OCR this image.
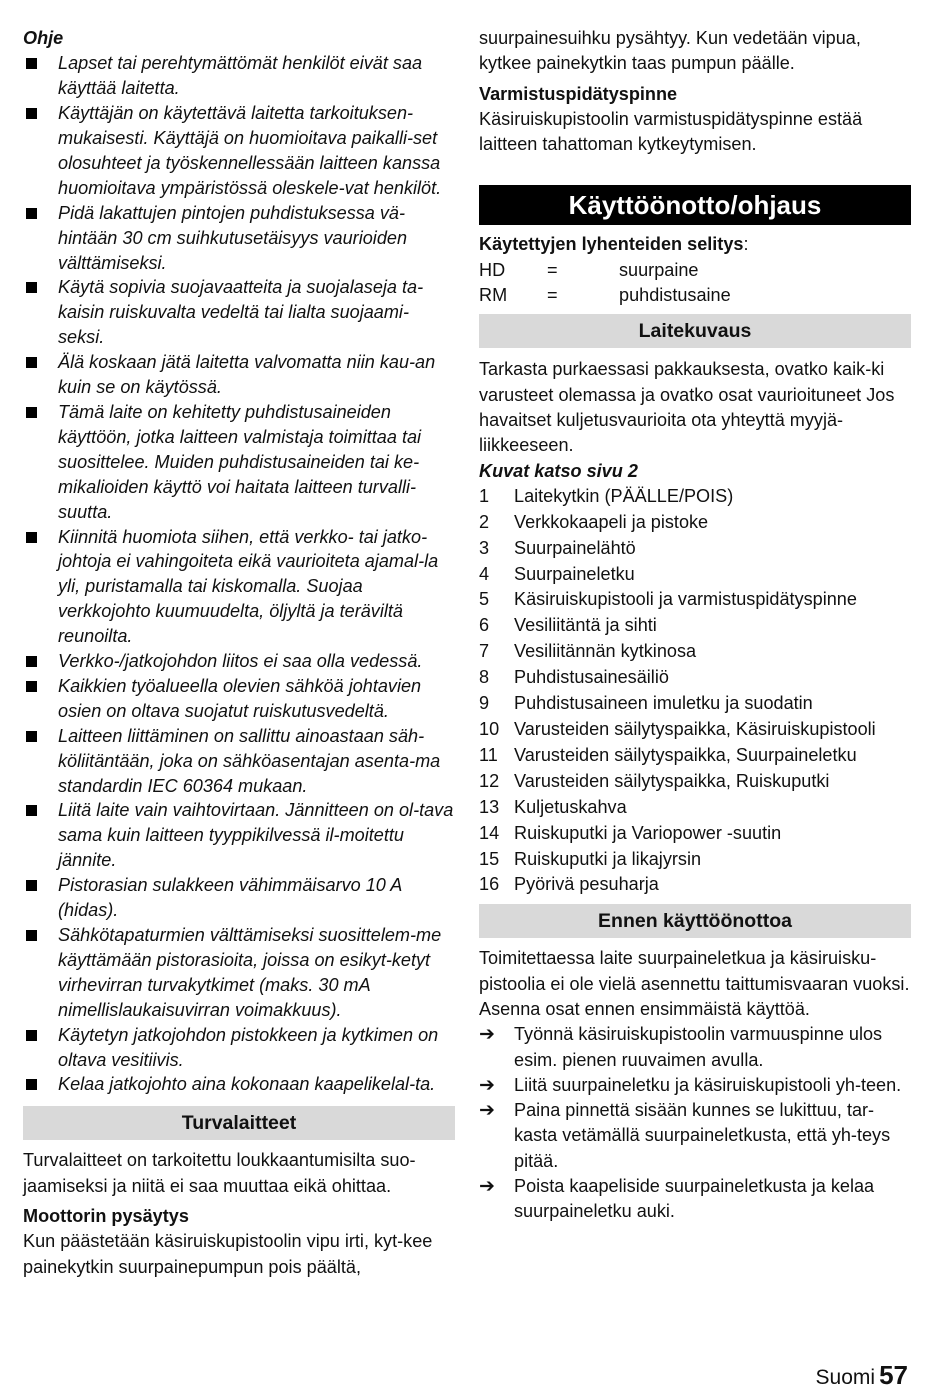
Ohje

Lapset tai perehtymättömät henkilöt eivät saa käyttää laitetta.
Käyttäjän on käytettävä laitetta tarkoituksen-mukaisesti. Käyttäjä on huomioitava paikalli-set olosuhteet ja työskennellessään laitteen kanssa huomioitava ympäristössä oleskele-vat henkilöt.
Pidä lakattujen pintojen puhdistuksessa vä-hintään 30 cm suihkutusetäisyys vaurioiden välttämiseksi.
Käytä sopivia suojavaatteita ja suojalaseja ta-kaisin ruiskuvalta vedeltä tai lialta suojaami-seksi.
Älä koskaan jätä laitetta valvomatta niin kau-an kuin se on käytössä.
Tämä laite on kehitetty puhdistusaineiden käyttöön, jotka laitteen valmistaja toimittaa tai suosittelee. Muiden puhdistusaineiden tai ke-mikalioiden käyttö voi haitata laitteen turvalli-suutta.
Kiinnitä huomiota siihen, että verkko- tai jatko-johtoja ei vahingoiteta eikä vaurioiteta ajamal-la yli, puristamalla tai kiskomalla. Suojaa verkkojohto kuumuudelta, öljyltä ja teräviltä reunoilta.
Verkko-/jatkojohdon liitos ei saa olla vedessä.
Kaikkien työalueella olevien sähköä johtavien osien on oltava suojatut ruiskutusvedeltä.
Laitteen liittäminen on sallittu ainoastaan säh-köliitäntään, joka on sähköasentajan asenta-ma standardin IEC 60364 mukaan.
Liitä laite vain vaihtovirtaan. Jännitteen on ol-tava sama kuin laitteen tyyppikilvessä il-moitettu jännite.
Pistorasian sulakkeen vähimmäisarvo 10 A (hidas).
Sähkötapaturmien välttämiseksi suosittelem-me käyttämään pistorasioita, joissa on esikyt-ketyt virhevirran turvakytkimet (maks. 30 mA nimellislaukaisuvirran voimakkuus).
Käytetyn jatkojohdon pistokkeen ja kytkimen on oltava vesitiivis.
Kelaa jatkojohto aina kokonaan kaapelikelal-ta.

Turvalaitteet

Turvalaitteet on tarkoitettu loukkaantumisilta suo-jaamiseksi ja niitä ei saa muuttaa eikä ohittaa.

Moottorin pysäytys

Kun päästetään käsiruiskupistoolin vipu irti, kyt-kee painekytkin suurpainepumpun pois päältä,

suurpainesuihku pysähtyy. Kun vedetään vipua, kytkee painekytkin taas pumpun päälle.

Varmistuspidätyspinne

Käsiruiskupistoolin varmistuspidätyspinne estää laitteen tahattoman kytkeytymisen.

Käyttöönotto/ohjaus

Käytettyjen lyhenteiden selitys:

HD	=	suurpaine
RM	=	puhdistusaine

Laitekuvaus

Tarkasta purkaessasi pakkauksesta, ovatko kaik-ki varusteet olemassa ja ovatko osat vaurioituneet Jos havaitset kuljetusvaurioita ota yhteyttä myyjä-liikkeeseen.

Kuvat katso sivu 2

1	Laitekytkin (PÄÄLLE/POIS)
2	Verkkokaapeli ja pistoke
3	Suurpainelähtö
4	Suurpaineletku
5	Käsiruiskupistooli ja varmistuspidätyspinne
6	Vesiliitäntä ja sihti
7	Vesiliitännän kytkinosa
8	Puhdistusainesäiliö
9	Puhdistusaineen imuletku ja suodatin
10 Varusteiden säilytyspaikka, Käsiruiskupistooli
11 Varusteiden säilytyspaikka, Suurpaineletku
12 Varusteiden säilytyspaikka, Ruiskuputki
13 Kuljetuskahva
14 Ruiskuputki ja Variopower -suutin
15 Ruiskuputki ja likajyrsin
16 Pyörivä pesuharja

Ennen käyttöönottoa

Toimitettaessa laite suurpaineletkua ja käsiruisku-pistoolia ei ole vielä asennettu taittumisvaaran vuoksi. Asenna osat ennen ensimmäistä käyttöä.

➔ Työnnä käsiruiskupistoolin varmuuspinne ulos esim. pienen ruuvaimen avulla.
➔ Liitä suurpaineletku ja käsiruiskupistooli yh-teen.
➔ Paina pinnettä sisään kunnes se lukittuu, tar-kasta vetämällä suurpaineletkusta, että yh-teys pitää.
➔ Poista kaapeliside suurpaineletkusta ja kelaa suurpaineletku auki.
Suomi 57
